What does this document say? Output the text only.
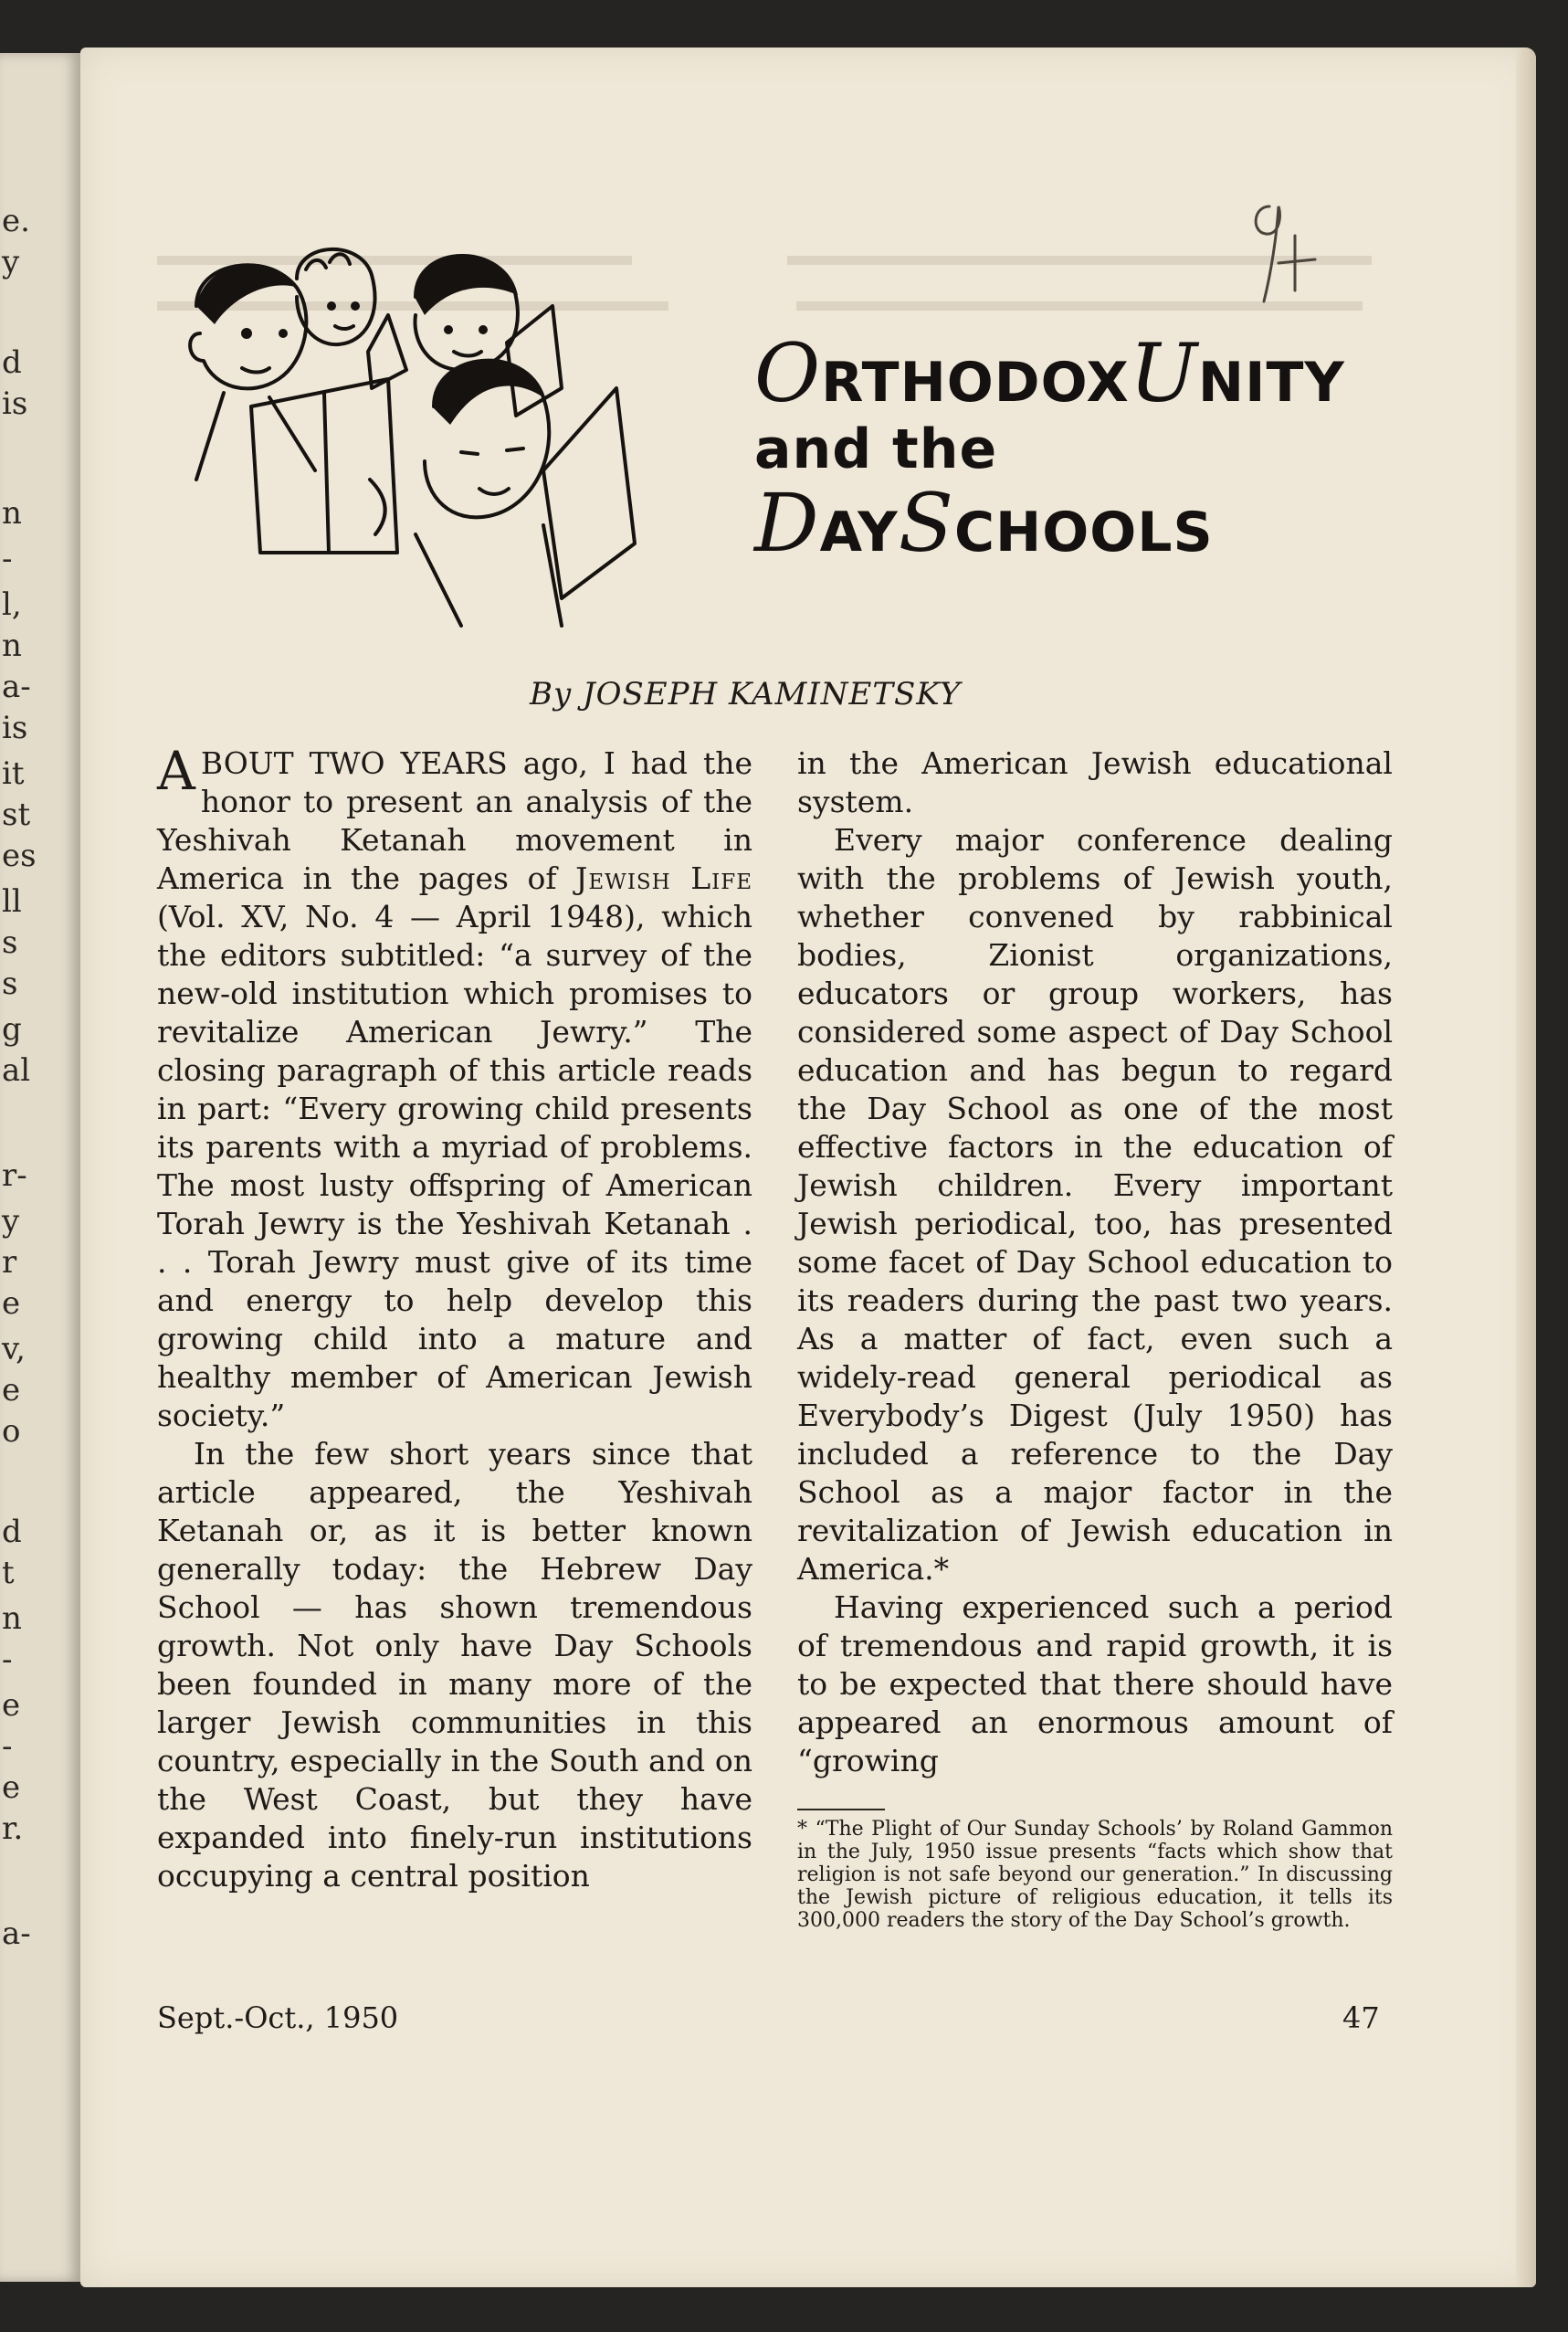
e.
y
d
is
n
-
l,
n
a-
is
it
st
es
ll
s
s
g
al
r-
y
r
e
v,
e
o
d
t
n
-
e
-
e
r.
a-
ORTHODOXUNITY
and the
DAYSCHOOLS
By JOSEPH KAMINETSKY

ABOUT TWO YEARS ago, I had the honor to present an analysis of the Yeshivah Ketanah movement in America in the pages of Jewish Life (Vol. XV, No. 4 — April 1948), which the editors subtitled: “a survey of the new-old institution which promises to revitalize American Jewry.” The closing paragraph of this article reads in part: “Every growing child presents its parents with a myriad of problems. The most lusty offspring of American Torah Jewry is the Yeshivah Ketanah . . . Torah Jewry must give of its time and energy to help develop this growing child into a mature and healthy member of American Jewish society.”

In the few short years since that article appeared, the Yeshivah Ketanah or, as it is better known generally today: the Hebrew Day School — has shown tremendous growth. Not only have Day Schools been founded in many more of the larger Jewish communities in this country, especially in the South and on the West Coast, but they have expanded into finely-run institutions occupying a central position

in the American Jewish educational system.

Every major conference dealing with the problems of Jewish youth, whether convened by rabbinical bodies, Zionist organizations, educators or group workers, has considered some aspect of Day School education and has begun to regard the Day School as one of the most effective factors in the education of Jewish children. Every important Jewish periodical, too, has presented some facet of Day School education to its readers during the past two years. As a matter of fact, even such a widely-read general periodical as Everybody’s Digest (July 1950) has included a reference to the Day School as a major factor in the revitalization of Jewish education in America.*

Having experienced such a period of tremendous and rapid growth, it is to be expected that there should have appeared an enormous amount of “growing

* “The Plight of Our Sunday Schools’ by Roland Gammon in the July, 1950 issue presents “facts which show that religion is not safe beyond our generation.” In discussing the Jewish picture of religious education, it tells its 300,000 readers the story of the Day School’s growth.
Sept.-Oct., 1950	47
